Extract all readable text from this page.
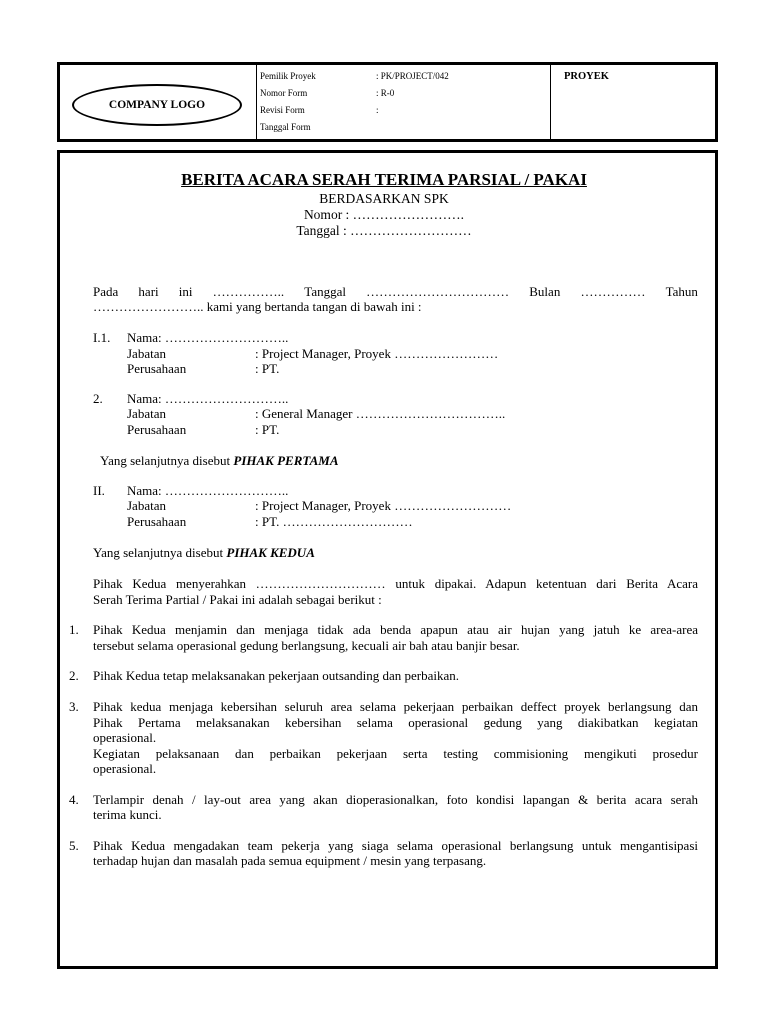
COMPANY LOGO
Pemilik Proyek	: PK/PROJECT/042
Nomor Form	: R-0
Revisi Form	:
Tanggal Form
PROYEK
BERITA ACARA SERAH TERIMA PARSIAL / PAKAI
BERDASARKAN SPK
Nomor : …………………….
Tanggal : ………………………
Pada hari ini …………….. Tanggal …………………………… Bulan …………… Tahun
…………………….. kami yang bertanda tangan di bawah ini :
I.1. Nama: ………………………..
Jabatan	: Project Manager, Proyek ……………………
Perusahaan	: PT.
2. Nama: ………………………..
Jabatan	: General Manager ……………………………..
Perusahaan	: PT.
Yang selanjutnya disebut PIHAK PERTAMA
II. Nama: ………………………..
Jabatan	: Project Manager, Proyek ………………………
Perusahaan	: PT. …………………………
Yang selanjutnya disebut PIHAK KEDUA
Pihak Kedua menyerahkan ………………………… untuk dipakai. Adapun ketentuan dari Berita Acara
Serah Terima Partial / Pakai ini adalah sebagai berikut :
1. Pihak Kedua menjamin dan menjaga tidak ada benda apapun atau air hujan yang jatuh ke area-area
tersebut selama operasional gedung berlangsung, kecuali air bah atau banjir besar.
2. Pihak Kedua tetap melaksanakan pekerjaan outsanding dan perbaikan.
3. Pihak kedua menjaga kebersihan seluruh area selama pekerjaan perbaikan deffect proyek berlangsung dan
Pihak Pertama melaksanakan kebersihan selama operasional gedung yang diakibatkan kegiatan
operasional.
Kegiatan pelaksanaan dan perbaikan pekerjaan serta testing commisioning mengikuti prosedur
operasional.
4. Terlampir denah / lay-out area yang akan dioperasionalkan, foto kondisi lapangan & berita acara serah
terima kunci.
5. Pihak Kedua mengadakan team pekerja yang siaga selama operasional berlangsung untuk mengantisipasi
terhadap hujan dan masalah pada semua equipment / mesin yang terpasang.
